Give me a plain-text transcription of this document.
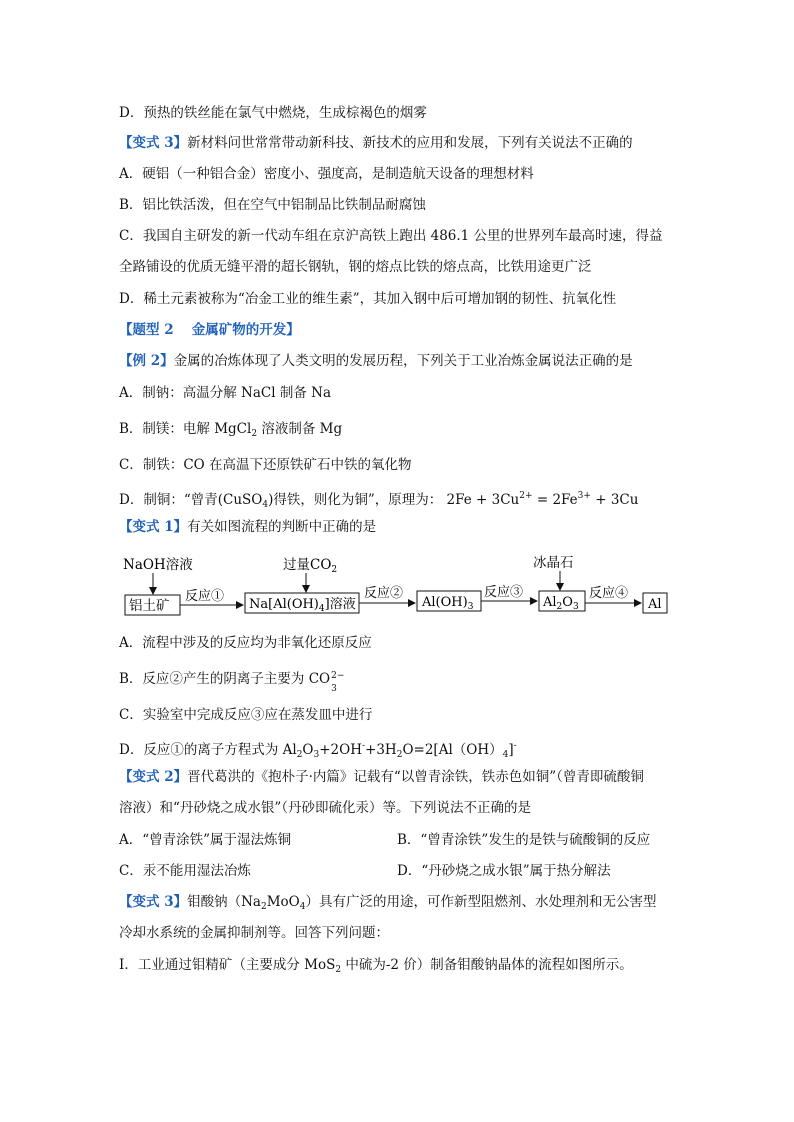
D．预热的铁丝能在氯气中燃烧，生成棕褐色的烟雾
【变式 3】新材料问世常常带动新科技、新技术的应用和发展，下列有关说法不正确的
A．硬铝（一种铝合金）密度小、强度高，是制造航天设备的理想材料
B．铝比铁活泼，但在空气中铝制品比铁制品耐腐蚀
C．我国自主研发的新一代动车组在京沪高铁上跑出 486.1 公里的世界列车最高时速，得益
全路铺设的优质无缝平滑的超长钢轨，钢的熔点比铁的熔点高，比铁用途更广泛
D．稀土元素被称为“冶金工业的维生素”，其加入钢中后可增加钢的韧性、抗氧化性
【题型 2　 金属矿物的开发】
【例 2】金属的冶炼体现了人类文明的发展历程，下列关于工业冶炼金属说法正确的是
A．制钠：高温分解 NaCl 制备 Na
B．制镁：电解 MgCl$_2$ 溶液制备 Mg
C．制铁：CO 在高温下还原铁矿石中铁的氧化物
D．制铜：“曾青(CuSO$_4$)得铁，则化为铜”，原理为： $2Fe + 3Cu^{2+} = 2Fe^{3+} + 3Cu$
【变式 1】有关如图流程的判断中正确的是
NaOH溶液	过量$CO_2$	冰晶石
铝土矿	$Na[Al(OH)_4]$溶液	$Al(OH)_3$	$Al_2O_3$	Al
反应①	反应②	反应③	反应④
A．流程中涉及的反应均为非氧化还原反应
B．反应②产生的阴离子主要为 CO 2−
3
C．实验室中完成反应③应在蒸发皿中进行
D．反应①的离子方程式为 $Al_2O_3+2OH^-+3H_2O=2[Al(OH)_4]^-$
【变式 2】晋代葛洪的《抱朴子·内篇》记载有“以曾青涂铁，铁赤色如铜”（曾青即硫酸铜
溶液）和“丹砂烧之成水银”（丹砂即硫化汞）等。下列说法不正确的是
A．“曾青涂铁”属于湿法炼铜	B．“曾青涂铁”发生的是铁与硫酸铜的反应
C．汞不能用湿法冶炼	D．“丹砂烧之成水银”属于热分解法
【变式 3】钼酸钠$(Na_2MoO_4)$具有广泛的用途，可作新型阻燃剂、水处理剂和无公害型
冷却水系统的金属抑制剂等。回答下列问题：
I．工业通过钼精矿（主要成分 MoS$_2$ 中硫为-2 价）制备钼酸钠晶体的流程如图所示。
